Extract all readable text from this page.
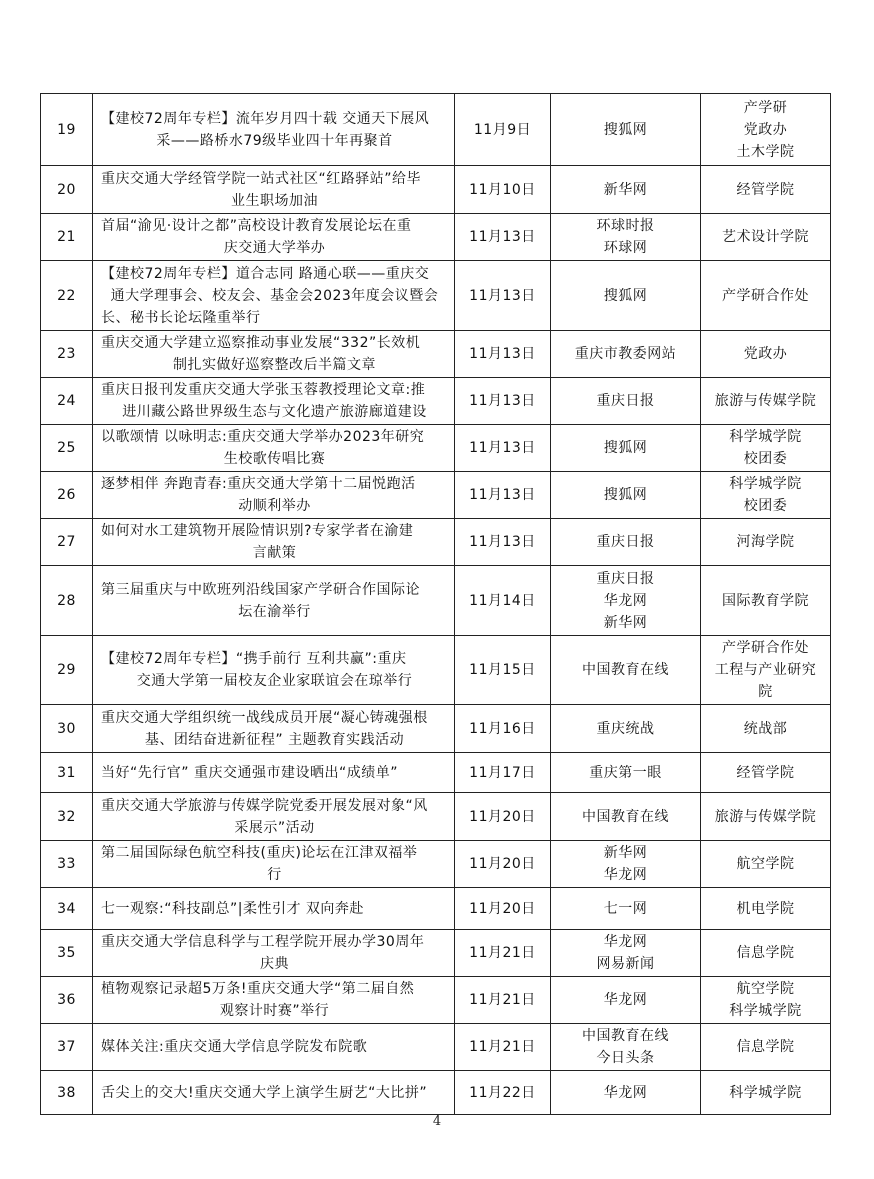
19	【建校72周年专栏】流年岁月四十载 交通天下展风
采——路桥水79级毕业四十年再聚首	11月9日	搜狐网	产学研
党政办
土木学院

20	重庆交通大学经管学院一站式社区“红路驿站”给毕
业生职场加油	11月10日	新华网	经管学院

21	首届“渝见·设计之都”高校设计教育发展论坛在重
庆交通大学举办	11月13日	环球时报
环球网	艺术设计学院

22	【建校72周年专栏】道合志同 路通心联——重庆交
通大学理事会、校友会、基金会2023年度会议暨会
长、秘书长论坛隆重举行	11月13日	搜狐网	产学研合作处

23	重庆交通大学建立巡察推动事业发展“332”长效机
制扎实做好巡察整改后半篇文章	11月13日	重庆市教委网站	党政办

24	重庆日报刊发重庆交通大学张玉蓉教授理论文章:推
进川藏公路世界级生态与文化遗产旅游廊道建设	11月13日	重庆日报	旅游与传媒学院

25	以歌颂情 以咏明志:重庆交通大学举办2023年研究
生校歌传唱比赛	11月13日	搜狐网	科学城学院
校团委

26	逐梦相伴 奔跑青春:重庆交通大学第十二届悦跑活
动顺利举办	11月13日	搜狐网	科学城学院
校团委

27	如何对水工建筑物开展险情识别?专家学者在渝建
言献策	11月13日	重庆日报	河海学院

28	第三届重庆与中欧班列沿线国家产学研合作国际论
坛在渝举行	11月14日	重庆日报
华龙网
新华网	国际教育学院

29	【建校72周年专栏】“携手前行 互利共赢”:重庆
交通大学第一届校友企业家联谊会在琼举行	11月15日	中国教育在线	产学研合作处
工程与产业研究
院

30	重庆交通大学组织统一战线成员开展“凝心铸魂强根
基、团结奋进新征程” 主题教育实践活动	11月16日	重庆统战	统战部

31	当好“先行官” 重庆交通强市建设晒出“成绩单”	11月17日	重庆第一眼	经管学院

32	重庆交通大学旅游与传媒学院党委开展发展对象“风
采展示”活动	11月20日	中国教育在线	旅游与传媒学院

33	第二届国际绿色航空科技(重庆)论坛在江津双福举
行	11月20日	新华网
华龙网	航空学院

34	七一观察:“科技副总”|柔性引才 双向奔赴	11月20日	七一网	机电学院

35	重庆交通大学信息科学与工程学院开展办学30周年
庆典	11月21日	华龙网
网易新闻	信息学院

36	植物观察记录超5万条!重庆交通大学“第二届自然
观察计时赛”举行	11月21日	华龙网	航空学院
科学城学院

37	媒体关注:重庆交通大学信息学院发布院歌	11月21日	中国教育在线
今日头条	信息学院

38	舌尖上的交大!重庆交通大学上演学生厨艺“大比拼”	11月22日	华龙网	科学城学院
4
